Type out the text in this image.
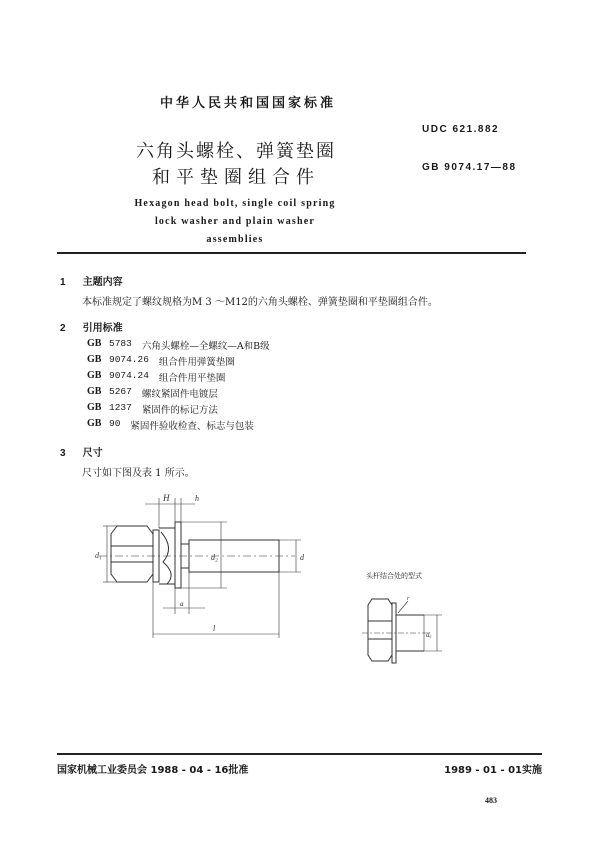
中华人民共和国国家标准
六角头螺栓、弹簧垫圈
和平垫圈组合件
UDC 621.882
GB 9074.17—88
Hexagon head bolt, single coil spring
lock washer and plain washer
assemblies
1 主题内容
本标准规定了螺纹规格为M 3 ～M12的六角头螺栓、弹簧垫圈和平垫圈组合件。
2 引用标准
GB 5783 六角头螺栓—全螺纹—A和B级
GB 9074.26 组合件用弹簧垫圈
GB 9074.24 组合件用平垫圈
GB 5267 螺纹紧固件电镀层
GB 1237 紧固件的标记方法
GB 90 紧固件验收检查、标志与包装
3 尺寸
尺寸如下图及表 1 所示。
d₁	d₂	d
H	h
a
l
头杆结合处的型式
r
dₐ
国家机械工业委员会 1988 - 04 - 16批准	1989 - 01 - 01实施
483
